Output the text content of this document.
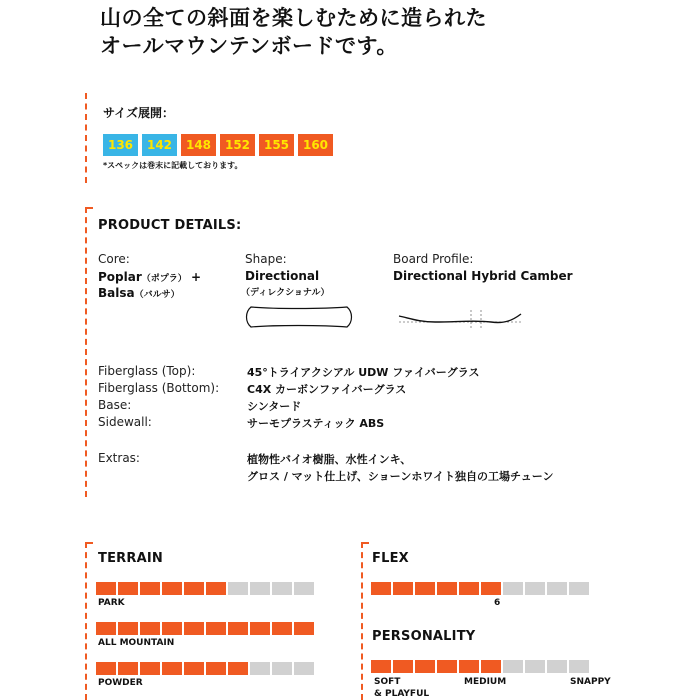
山の全ての斜面を楽しむために造られた
オールマウンテンボードです。
サイズ展開：
136	142	148	152	155	160
*スペックは巻末に記載しております。
PRODUCT DETAILS:
Core:
Poplar（ポプラ） +
Balsa（バルサ）
Shape:
Directional
（ディレクショナル）
Board Profile:
Directional Hybrid Camber
Fiberglass (Top):	45°トライアクシアル UDW ファイバーグラス
Fiberglass (Bottom):	C4X カーボンファイバーグラス
Base:	シンタード
Sidewall:	サーモプラスティック ABS
Extras:	植物性バイオ樹脂、水性インキ、
グロス / マット仕上げ、ショーンホワイト独自の工場チューン
TERRAIN
PARK
ALL MOUNTAIN
POWDER
FLEX
6
PERSONALITY
SOFT
& PLAYFUL
MEDIUM	SNAPPY
